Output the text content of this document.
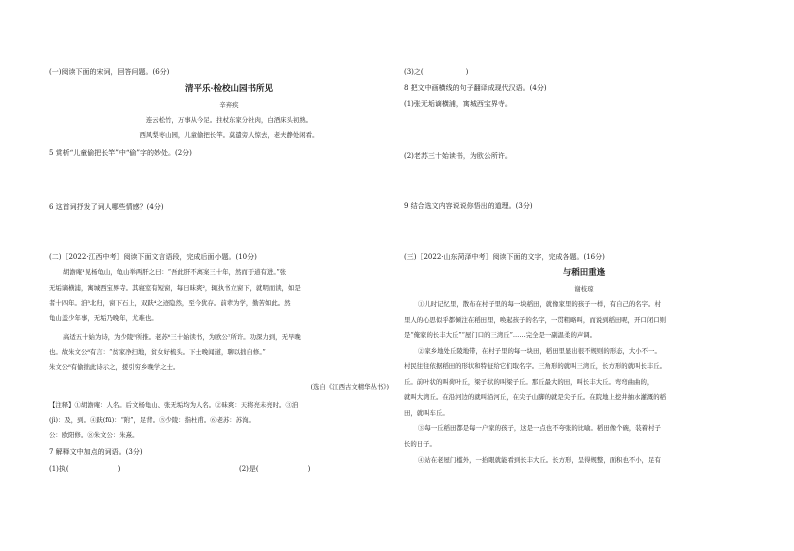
(一)阅读下面的宋词，回答问题。(6分)
清平乐·检校山园书所见
辛弃疾
连云松竹，万事从今足。拄杖东家分社肉，白酒床头初熟。
西风梨枣山园，儿童偷把长竿。莫遣旁人惊去，老夫静处闲看。
5 赏析“儿童偷把长竿”中“偷”字的妙处。(2分)
6 这首词抒发了词人哪些情感？(4分)
(二)［2022·江西中考］阅读下面文言语段，完成后面小题。(10分)
胡澹庵¹见杨龟山，龟山举两肝之曰：“吾此肝不离案三十年，然而于道有进。”张
无垢谪横浦，寓城西宝界寺。其寝室有短窗，每日昧爽²，辄执书立窗下，就明而读，如是
者十四年。洎³北归，窗下石上，双趺⁴之迹隐然，至今犹存。前辈为学，勤苦如此。然
龟山盖少年事，无垢乃晚年，尤难也。
高适五十始为诗，为少陵⁵所推。老苏⁶三十始读书，为欧公⁷所许。功深力到，无早晚
也。故朱文公⁸有言：“贫家净扫地，贫女好梳头。下士晚闻道，聊以拙自修。”
朱文公⁸有偷拙此诗示之，援引穷乡晚学之士。
(选自《江西古文精华丛书》)
【注释】①胡澹庵：人名。后文杨龟山、张无垢均为人名。②昧爽：天将亮未亮时。③洎
(jì)：及，到。④趺(fū)：“附”，足背。⑤少陵：指杜甫。⑥老苏：苏洵。
公：欧阳修。⑧朱文公：朱熹。
7 解释文中加点的词语。(3分)
(1)执(　　　　　　　)	(2)是(　　　　　　　)
(3)之(　　　　　　)
8 把文中画横线的句子翻译成现代汉语。(4分)
(1)张无垢谪横浦，寓城西宝界寺。
(2)老苏三十始读书，为欧公所许。
9 结合选文内容说说你悟出的道理。(3分)
(三)［2022·山东菏泽中考］阅读下面的文字，完成各题。(16分)
与稻田重逢
谢枝琼
①儿时记忆里，散布在村子里的每一块稻田，就像家里的孩子一样，有自己的名字。村
里人的心思似乎都倾注在稻田里，唤起孩子的名字，一贯粗略叫，而说到稻田呢，开口闭口则
是“俺家的长丰大丘”“屋门口的三湾丘”……完全是一副温柔的声调。
②家乡地处丘陵地带，在村子里的每一块田，稻田里显出很不规则的形态，大小不一。
村民往往依据稻田的形状和特征给它们取名字。三角形的就叫三湾丘，长方形的就叫长丰丘。
丘。前叶状的叫荷叶丘，梁子状的叫梁子丘。那丘最大的田，叫长丰大丘。弯弯曲曲的，
就叫大湾丘。在沿河边的就叫沿河丘，在尖子山脚的就是尖子丘。在院地上挖井抽水灌溉的稻
田，就叫车丘。
③每一丘稻田都是每一户家的孩子，这是一点也不夸张的比喻。稻田像个碗，装着村子
长的日子。
④站在老屋门槛外，一抬眼就能看到长丰大丘。长方形，呈得规整，面积也不小，足有
